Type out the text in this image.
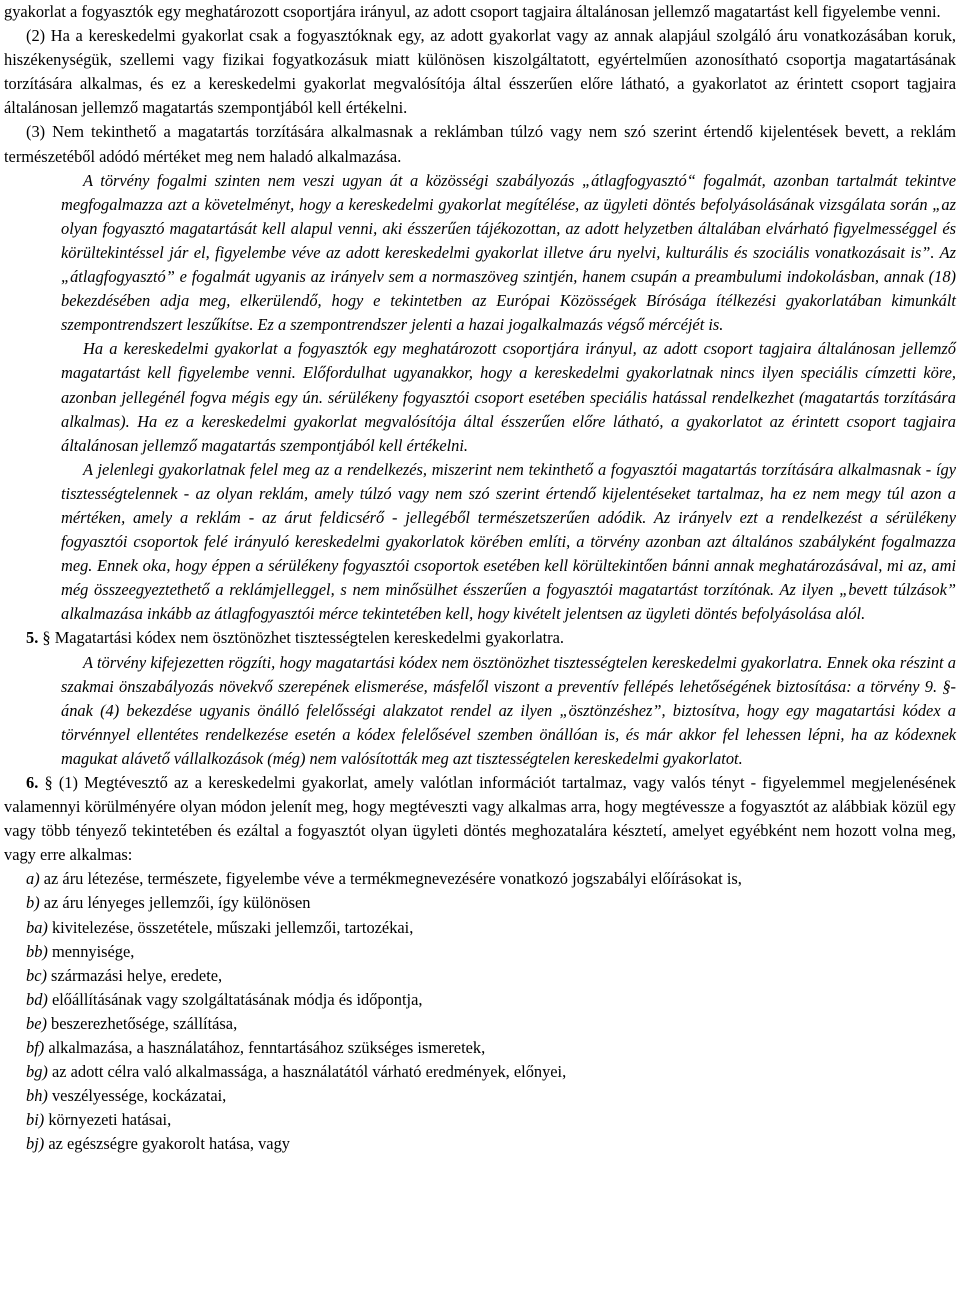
gyakorlat a fogyasztók egy meghatározott csoportjára irányul, az adott csoport tagjaira általánosan jellemző magatartást kell figyelembe venni.

(2) Ha a kereskedelmi gyakorlat csak a fogyasztóknak egy, az adott gyakorlat vagy az annak alapjául szolgáló áru vonatkozásában koruk, hiszékenységük, szellemi vagy fizikai fogyatkozásuk miatt különösen kiszolgáltatott, egyértelműen azonosítható csoportja magatartásának torzítására alkalmas, és ez a kereskedelmi gyakorlat megvalósítója által ésszerűen előre látható, a gyakorlatot az érintett csoport tagjaira általánosan jellemző magatartás szempontjából kell értékelni.

(3) Nem tekinthető a magatartás torzítására alkalmasnak a reklámban túlzó vagy nem szó szerint értendő kijelentések bevett, a reklám természetéből adódó mértéket meg nem haladó alkalmazása.

A törvény fogalmi szinten nem veszi ugyan át a közösségi szabályozás „átlagfogyasztó“ fogalmát, azonban tartalmát tekintve megfogalmazza azt a követelményt, hogy a kereskedelmi gyakorlat megítélése, az ügyleti döntés befolyásolásának vizsgálata során „az olyan fogyasztó magatartását kell alapul venni, aki ésszerűen tájékozottan, az adott helyzetben általában elvárható figyelmességgel és körültekintéssel jár el, figyelembe véve az adott kereskedelmi gyakorlat illetve áru nyelvi, kulturális és szociális vonatkozásait is”. Az „átlagfogyasztó” e fogalmát ugyanis az irányelv sem a normaszöveg szintjén, hanem csupán a preambulumi indokolásban, annak (18) bekezdésében adja meg, elkerülendő, hogy e tekintetben az Európai Közösségek Bírósága ítélkezési gyakorlatában kimunkált szempontrendszert leszűkítse. Ez a szempontrendszer jelenti a hazai jogalkalmazás végső mércéjét is.

Ha a kereskedelmi gyakorlat a fogyasztók egy meghatározott csoportjára irányul, az adott csoport tagjaira általánosan jellemző magatartást kell figyelembe venni. Előfordulhat ugyanakkor, hogy a kereskedelmi gyakorlatnak nincs ilyen speciális címzetti köre, azonban jellegénél fogva mégis egy ún. sérülékeny fogyasztói csoport esetében speciális hatással rendelkezhet (magatartás torzítására alkalmas). Ha ez a kereskedelmi gyakorlat megvalósítója által ésszerűen előre látható, a gyakorlatot az érintett csoport tagjaira általánosan jellemző magatartás szempontjából kell értékelni.

A jelenlegi gyakorlatnak felel meg az a rendelkezés, miszerint nem tekinthető a fogyasztói magatartás torzítására alkalmasnak - így tisztességtelennek - az olyan reklám, amely túlzó vagy nem szó szerint értendő kijelentéseket tartalmaz, ha ez nem megy túl azon a mértéken, amely a reklám - az árut feldicsérő - jellegéből természetszerűen adódik. Az irányelv ezt a rendelkezést a sérülékeny fogyasztói csoportok felé irányuló kereskedelmi gyakorlatok körében említi, a törvény azonban azt általános szabályként fogalmazza meg. Ennek oka, hogy éppen a sérülékeny fogyasztói csoportok esetében kell körültekintően bánni annak meghatározásával, mi az, ami még összeegyeztethető a reklámjelleggel, s nem minősülhet ésszerűen a fogyasztói magatartást torzítónak. Az ilyen „bevett túlzások” alkalmazása inkább az átlagfogyasztói mérce tekintetében kell, hogy kivételt jelentsen az ügyleti döntés befolyásolása alól.

5. § Magatartási kódex nem ösztönözhet tisztességtelen kereskedelmi gyakorlatra.

A törvény kifejezetten rögzíti, hogy magatartási kódex nem ösztönözhet tisztességtelen kereskedelmi gyakorlatra. Ennek oka részint a szakmai önszabályozás növekvő szerepének elismerése, másfelől viszont a preventív fellépés lehetőségének biztosítása: a törvény 9. §-ának (4) bekezdése ugyanis önálló felelősségi alakzatot rendel az ilyen „ösztönzéshez”, biztosítva, hogy egy magatartási kódex a törvénnyel ellentétes rendelkezése esetén a kódex felelősével szemben önállóan is, és már akkor fel lehessen lépni, ha az kódexnek magukat alávető vállalkozások (még) nem valósították meg azt tisztességtelen kereskedelmi gyakorlatot.

6. § (1) Megtévesztő az a kereskedelmi gyakorlat, amely valótlan információt tartalmaz, vagy valós tényt - figyelemmel megjelenésének valamennyi körülményére olyan módon jelenít meg, hogy megtéveszti vagy alkalmas arra, hogy megtévessze a fogyasztót az alábbiak közül egy vagy több tényező tekintetében és ezáltal a fogyasztót olyan ügyleti döntés meghozatalára késztetí, amelyet egyébként nem hozott volna meg, vagy erre alkalmas:

a) az áru létezése, természete, figyelembe véve a termékmegnevezésére vonatkozó jogszabályi előírásokat is,

b) az áru lényeges jellemzői, így különösen

ba) kivitelezése, összetétele, műszaki jellemzői, tartozékai,

bb) mennyisége,

bc) származási helye, eredete,

bd) előállításának vagy szolgáltatásának módja és időpontja,

be) beszerezhetősége, szállítása,

bf) alkalmazása, a használatához, fenntartásához szükséges ismeretek,

bg) az adott célra való alkalmassága, a használatától várható eredmények, előnyei,

bh) veszélyessége, kockázatai,

bi) környezeti hatásai,

bj) az egészségre gyakorolt hatása, vagy
